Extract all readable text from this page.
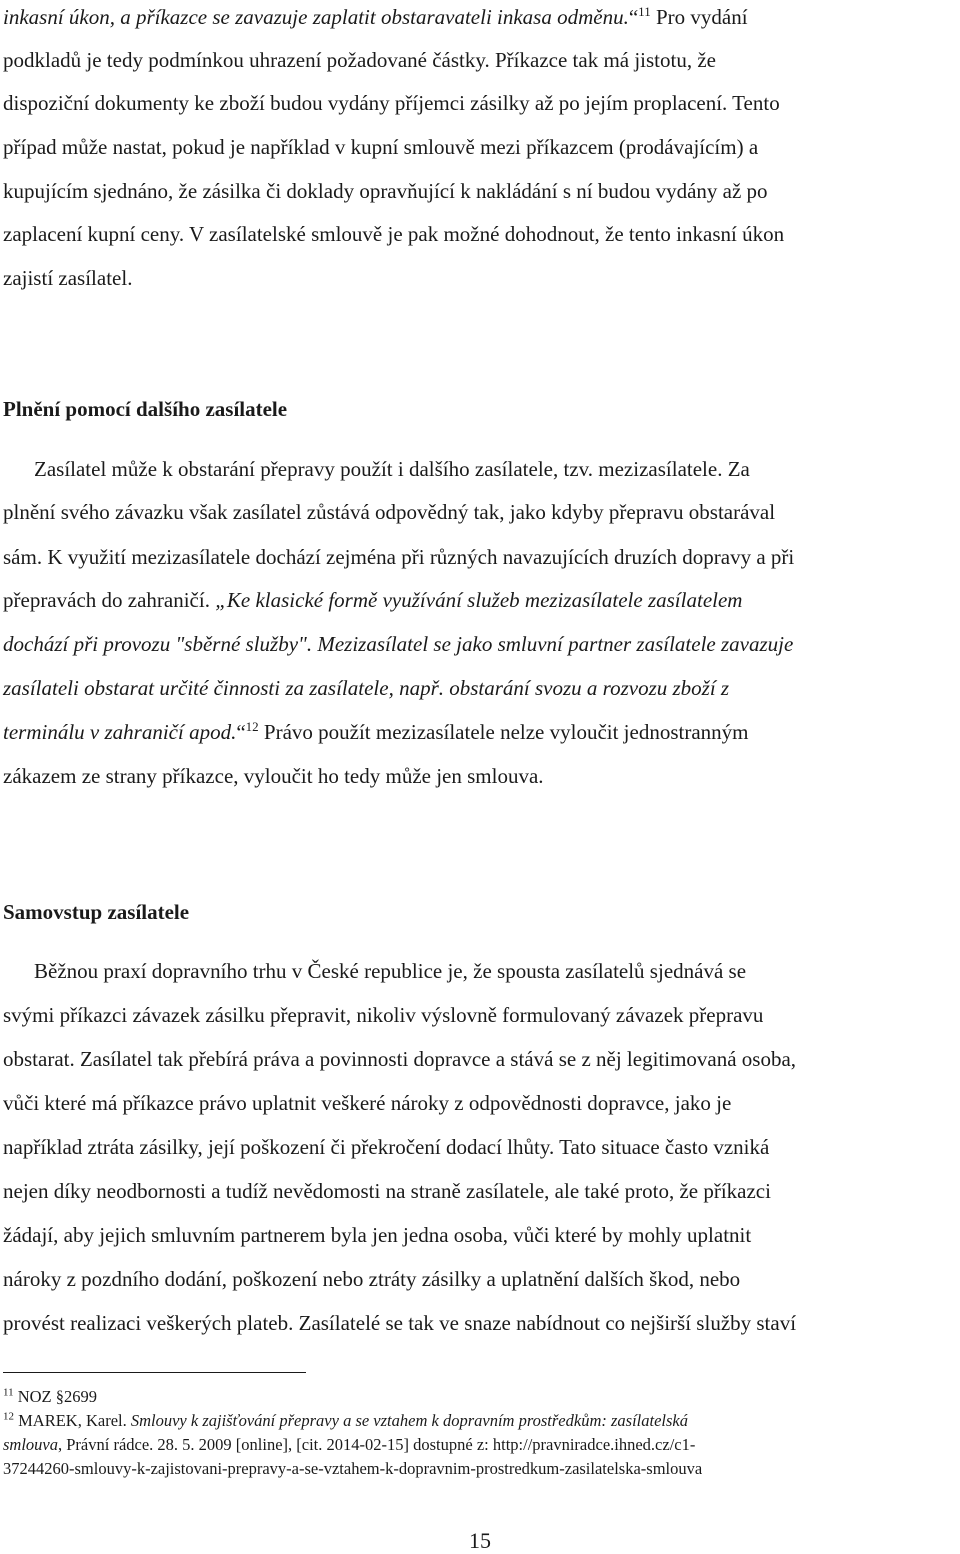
inkasní úkon, a příkazce se zavazuje zaplatit obstaravateli inkasa odměnu.“$^{11}$ Pro vydání
podkladů je tedy podmínkou uhrazení požadované částky. Příkazce tak má jistotu, že
dispoziční dokumenty ke zboží budou vydány příjemci zásilky až po jejím proplacení. Tento
případ může nastat, pokud je například v kupní smlouvě mezi příkazcem (prodávajícím) a
kupujícím sjednáno, že zásilka či doklady opravňující k nakládání s ní budou vydány až po
zaplacení kupní ceny. V zasílatelské smlouvě je pak možné dohodnout, že tento inkasní úkon
zajistí zasílatel.
Plnění pomocí dalšího zasílatele
Zasílatel může k obstarání přepravy použít i dalšího zasílatele, tzv. mezizasílatele. Za
plnění svého závazku však zasílatel zůstává odpovědný tak, jako kdyby přepravu obstarával
sám. K využití mezizasílatele dochází zejména při různých navazujících druzích dopravy a při
přepravách do zahraničí. „Ke klasické formě využívání služeb mezizasílatele zasílatelem
dochází při provozu "sběrné služby". Mezizasílatel se jako smluvní partner zasílatele zavazuje
zasílateli obstarat určité činnosti za zasílatele, např. obstarání svozu a rozvozu zboží z
terminálu v zahraničí apod.“$^{12}$ Právo použít mezizasílatele nelze vyloučit jednostranným
zákazem ze strany příkazce, vyloučit ho tedy může jen smlouva.
Samovstup zasílatele
Běžnou praxí dopravního trhu v České republice je, že spousta zasílatelů sjednává se
svými příkazci závazek zásilku přepravit, nikoliv výslovně formulovaný závazek přepravu
obstarat. Zasílatel tak přebírá práva a povinnosti dopravce a stává se z něj legitimovaná osoba,
vůči které má příkazce právo uplatnit veškeré nároky z odpovědnosti dopravce, jako je
například ztráta zásilky, její poškození či překročení dodací lhůty. Tato situace často vzniká
nejen díky neodbornosti a tudíž nevědomosti na straně zasílatele, ale také proto, že příkazci
žádají, aby jejich smluvním partnerem byla jen jedna osoba, vůči které by mohly uplatnit
nároky z pozdního dodání, poškození nebo ztráty zásilky a uplatnění dalších škod, nebo
provést realizaci veškerých plateb. Zasílatelé se tak ve snaze nabídnout co nejširší služby staví
$^{11}$ NOZ §2699
$^{12}$ MAREK, Karel. Smlouvy k zajišťování přepravy a se vztahem k dopravním prostředkům: zasílatelská
smlouva, Právní rádce. 28. 5. 2009 [online], [cit. 2014-02-15] dostupné z: http://pravniradce.ihned.cz/c1-
37244260-smlouvy-k-zajistovani-prepravy-a-se-vztahem-k-dopravnim-prostredkum-zasilatelska-smlouva
15
